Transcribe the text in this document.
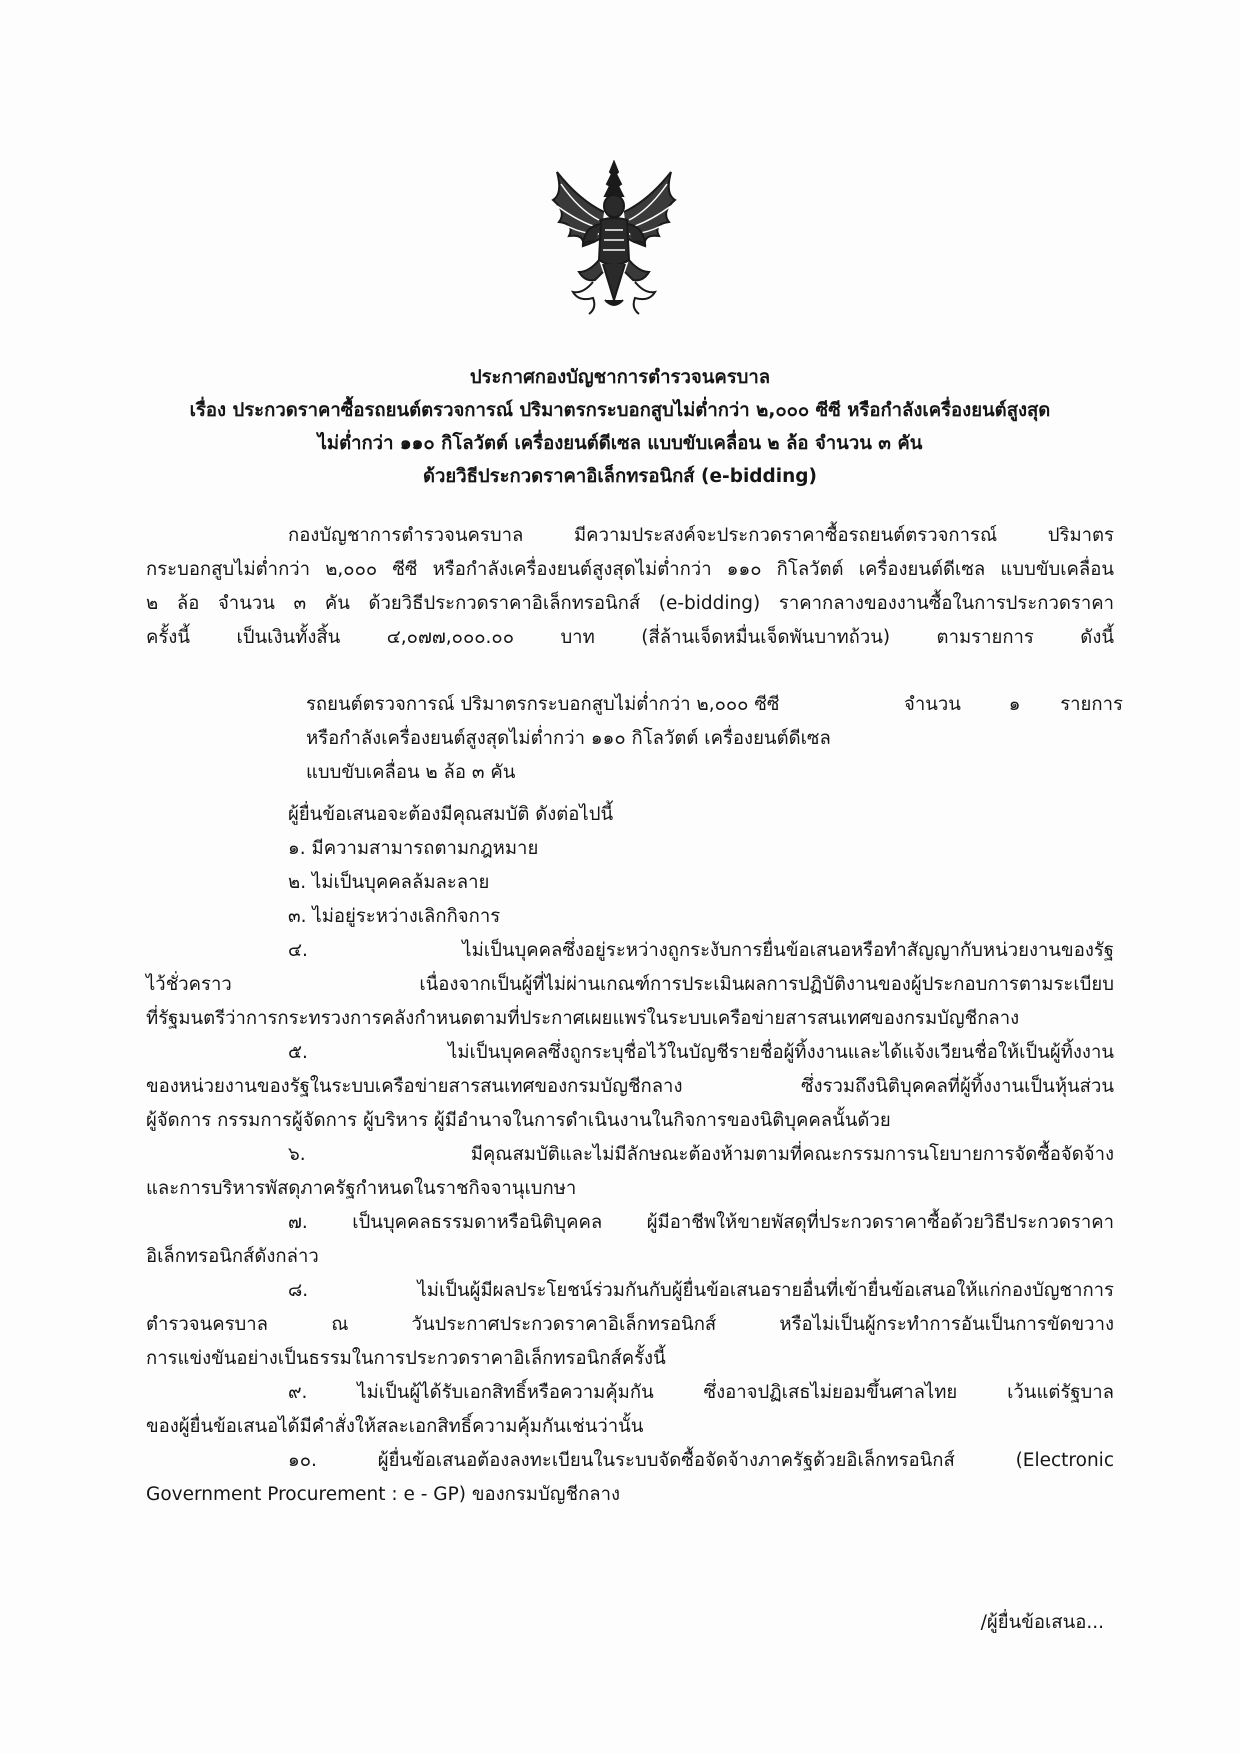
ประกาศกองบัญชาการตำรวจนครบาล
เรื่อง ประกวดราคาซื้อรถยนต์ตรวจการณ์ ปริมาตรกระบอกสูบไม่ต่ำกว่า ๒,๐๐๐ ซีซี หรือกำลังเครื่องยนต์สูงสุด
ไม่ต่ำกว่า ๑๑๐ กิโลวัตต์ เครื่องยนต์ดีเซล แบบขับเคลื่อน ๒ ล้อ จำนวน ๓ คัน
ด้วยวิธีประกวดราคาอิเล็กทรอนิกส์ (e-bidding)
กองบัญชาการตำรวจนครบาล มีความประสงค์จะประกวดราคาซื้อรถยนต์ตรวจการณ์ ปริมาตร
กระบอกสูบไม่ต่ำกว่า ๒,๐๐๐ ซีซี หรือกำลังเครื่องยนต์สูงสุดไม่ต่ำกว่า ๑๑๐ กิโลวัตต์ เครื่องยนต์ดีเซล แบบขับเคลื่อน
๒ ล้อ จำนวน ๓ คัน ด้วยวิธีประกวดราคาอิเล็กทรอนิกส์ (e-bidding) ราคากลางของงานซื้อในการประกวดราคา
ครั้งนี้ เป็นเงินทั้งสิ้น ๔,๐๗๗,๐๐๐.๐๐ บาท (สี่ล้านเจ็ดหมื่นเจ็ดพันบาทถ้วน) ตามรายการ ดังนี้
รถยนต์ตรวจการณ์ ปริมาตรกระบอกสูบไม่ต่ำกว่า ๒,๐๐๐ ซีซี
หรือกำลังเครื่องยนต์สูงสุดไม่ต่ำกว่า ๑๑๐ กิโลวัตต์ เครื่องยนต์ดีเซล
แบบขับเคลื่อน ๒ ล้อ ๓ คัน
จำนวน	๑ รายการ
ผู้ยื่นข้อเสนอจะต้องมีคุณสมบัติ ดังต่อไปนี้
๑. มีความสามารถตามกฎหมาย
๒. ไม่เป็นบุคคลล้มละลาย
๓. ไม่อยู่ระหว่างเลิกกิจการ
๔. ไม่เป็นบุคคลซึ่งอยู่ระหว่างถูกระงับการยื่นข้อเสนอหรือทำสัญญากับหน่วยงานของรัฐ
ไว้ชั่วคราว เนื่องจากเป็นผู้ที่ไม่ผ่านเกณฑ์การประเมินผลการปฏิบัติงานของผู้ประกอบการตามระเบียบ
ที่รัฐมนตรีว่าการกระทรวงการคลังกำหนดตามที่ประกาศเผยแพร่ในระบบเครือข่ายสารสนเทศของกรมบัญชีกลาง
๕. ไม่เป็นบุคคลซึ่งถูกระบุชื่อไว้ในบัญชีรายชื่อผู้ทิ้งงานและได้แจ้งเวียนชื่อให้เป็นผู้ทิ้งงาน
ของหน่วยงานของรัฐในระบบเครือข่ายสารสนเทศของกรมบัญชีกลาง ซึ่งรวมถึงนิติบุคคลที่ผู้ทิ้งงานเป็นหุ้นส่วน
ผู้จัดการ กรรมการผู้จัดการ ผู้บริหาร ผู้มีอำนาจในการดำเนินงานในกิจการของนิติบุคคลนั้นด้วย
๖. มีคุณสมบัติและไม่มีลักษณะต้องห้ามตามที่คณะกรรมการนโยบายการจัดซื้อจัดจ้าง
และการบริหารพัสดุภาครัฐกำหนดในราชกิจจานุเบกษา
๗. เป็นบุคคลธรรมดาหรือนิติบุคคล ผู้มีอาชีพให้ขายพัสดุที่ประกวดราคาซื้อด้วยวิธีประกวดราคา
อิเล็กทรอนิกส์ดังกล่าว
๘. ไม่เป็นผู้มีผลประโยชน์ร่วมกันกับผู้ยื่นข้อเสนอรายอื่นที่เข้ายื่นข้อเสนอให้แก่กองบัญชาการ
ตำรวจนครบาล ณ วันประกาศประกวดราคาอิเล็กทรอนิกส์ หรือไม่เป็นผู้กระทำการอันเป็นการขัดขวาง
การแข่งขันอย่างเป็นธรรมในการประกวดราคาอิเล็กทรอนิกส์ครั้งนี้
๙. ไม่เป็นผู้ได้รับเอกสิทธิ์หรือความคุ้มกัน ซึ่งอาจปฏิเสธไม่ยอมขึ้นศาลไทย เว้นแต่รัฐบาล
ของผู้ยื่นข้อเสนอได้มีคำสั่งให้สละเอกสิทธิ์ความคุ้มกันเช่นว่านั้น
๑๐. ผู้ยื่นข้อเสนอต้องลงทะเบียนในระบบจัดซื้อจัดจ้างภาครัฐด้วยอิเล็กทรอนิกส์ (Electronic
Government Procurement : e - GP) ของกรมบัญชีกลาง
/ผู้ยื่นข้อเสนอ...
